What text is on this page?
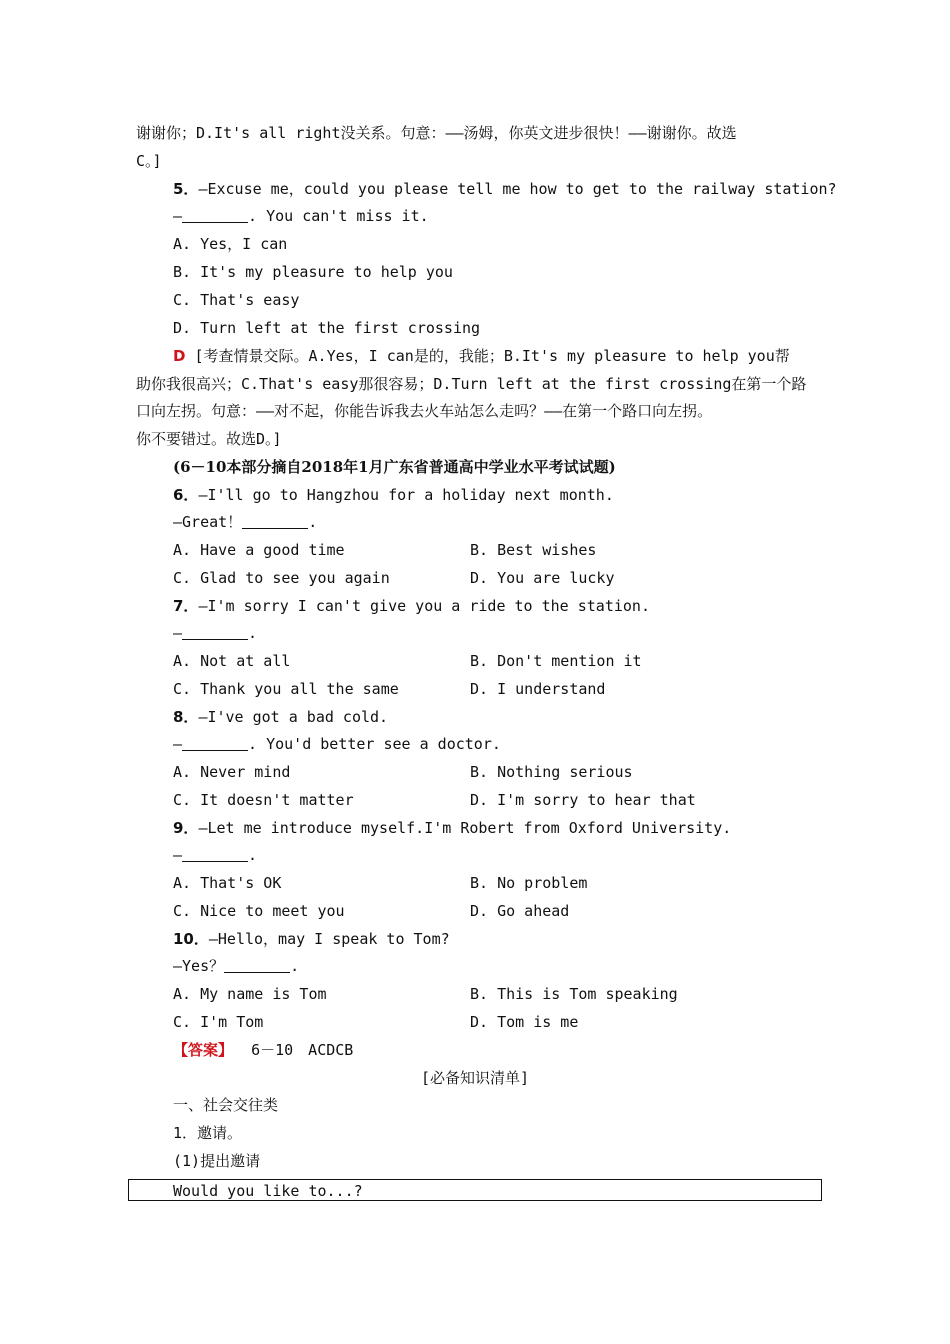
谢谢你；D.It's all right没关系。句意：——汤姆，你英文进步很快！——谢谢你。故选
C。]
5．—Excuse me，could you please tell me how to get to the railway station?
—	. You can't miss it.
A. Yes，I can
B. It's my pleasure to help you
C. That's easy
D. Turn left at the first crossing
D [考查情景交际。A.Yes，I can是的，我能；B.It's my pleasure to help you帮
助你我很高兴；C.That's easy那很容易；D.Turn left at the first crossing在第一个路
口向左拐。句意：——对不起，你能告诉我去火车站怎么走吗？——在第一个路口向左拐。
你不要错过。故选D。]
(6－10本部分摘自2018年1月广东省普通高中学业水平考试试题)
6．—I'll go to Hangzhou for a holiday next month.
—Great！	.
A. Have a good time	B. Best wishes
C. Glad to see you again	D. You are lucky
7．—I'm sorry I can't give you a ride to the station.
—	.
A. Not at all	B. Don't mention it
C. Thank you all the same	D. I understand
8．—I've got a bad cold.
—	. You'd better see a doctor.
A. Never mind	B. Nothing serious
C. It doesn't matter	D. I'm sorry to hear that
9．—Let me introduce myself.I'm Robert from Oxford University.
—	.
A. That's OK	B. No problem
C. Nice to meet you	D. Go ahead
10．—Hello，may I speak to Tom?
—Yes？	.
A. My name is Tom	B. This is Tom speaking
C. I'm Tom	D. Tom is me
【答案】 6－10　ACDCB
[必备知识清单]
一、社会交往类
1．邀请。
(1)提出邀请
Would you like to...?
